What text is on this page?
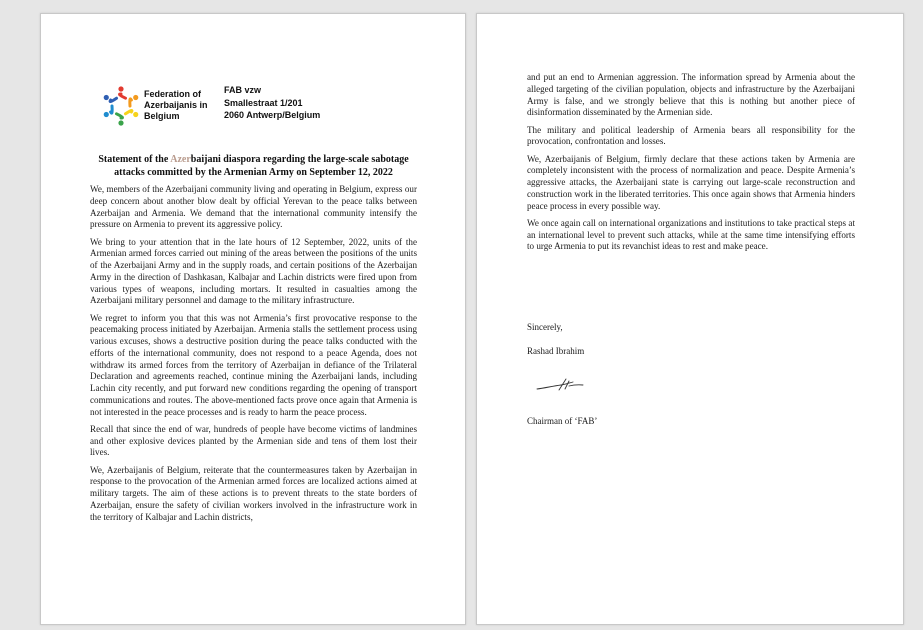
Federation of
Azerbaijanis in
Belgium
FAB vzw
Smallestraat 1/201
2060 Antwerp/Belgium
Statement of the Azerbaijani diaspora regarding the large-scale sabotage attacks committed by the Armenian Army on September 12, 2022

We, members of the Azerbaijani community living and operating in Belgium, express our deep concern about another blow dealt by official Yerevan to the peace talks between Azerbaijan and Armenia. We demand that the international community intensify the pressure on Armenia to prevent its aggressive policy.

We bring to your attention that in the late hours of 12 September, 2022, units of the Armenian armed forces carried out mining of the areas between the positions of the units of the Azerbaijani Army and in the supply roads, and certain positions of the Azerbaijan Army in the direction of Dashkasan, Kalbajar and Lachin districts were fired upon from various types of weapons, including mortars. It resulted in casualties among the Azerbaijani military personnel and damage to the military infrastructure.

We regret to inform you that this was not Armenia’s first provocative response to the peacemaking process initiated by Azerbaijan. Armenia stalls the settlement process using various excuses, shows a destructive position during the peace talks conducted with the efforts of the international community, does not respond to a peace Agenda, does not withdraw its armed forces from the territory of Azerbaijan in defiance of the Trilateral Declaration and agreements reached, continue mining the Azerbaijani lands, including Lachin city recently, and put forward new conditions regarding the opening of transport communications and routes. The above-mentioned facts prove once again that Armenia is not interested in the peace processes and is ready to harm the peace process.

Recall that since the end of war, hundreds of people have become victims of landmines and other explosive devices planted by the Armenian side and tens of them lost their lives.

We, Azerbaijanis of Belgium, reiterate that the countermeasures taken by Azerbaijan in response to the provocation of the Armenian armed forces are localized actions aimed at military targets. The aim of these actions is to prevent threats to the state borders of Azerbaijan, ensure the safety of civilian workers involved in the infrastructure work in the territory of Kalbajar and Lachin districts,

and put an end to Armenian aggression. The information spread by Armenia about the alleged targeting of the civilian population, objects and infrastructure by the Azerbaijani Army is false, and we strongly believe that this is nothing but another piece of disinformation disseminated by the Armenian side.

The military and political leadership of Armenia bears all responsibility for the provocation, confrontation and losses.

We, Azerbaijanis of Belgium, firmly declare that these actions taken by Armenia are completely inconsistent with the process of normalization and peace. Despite Armenia’s aggressive attacks, the Azerbaijani state is carrying out large-scale reconstruction and construction work in the liberated territories. This once again shows that Armenia hinders peace process in every possible way.

We once again call on international organizations and institutions to take practical steps at an international level to prevent such attacks, while at the same time intensifying efforts to urge Armenia to put its revanchist ideas to rest and make peace.

Sincerely,
Rashad Ibrahim
Chairman of ‘FAB’
